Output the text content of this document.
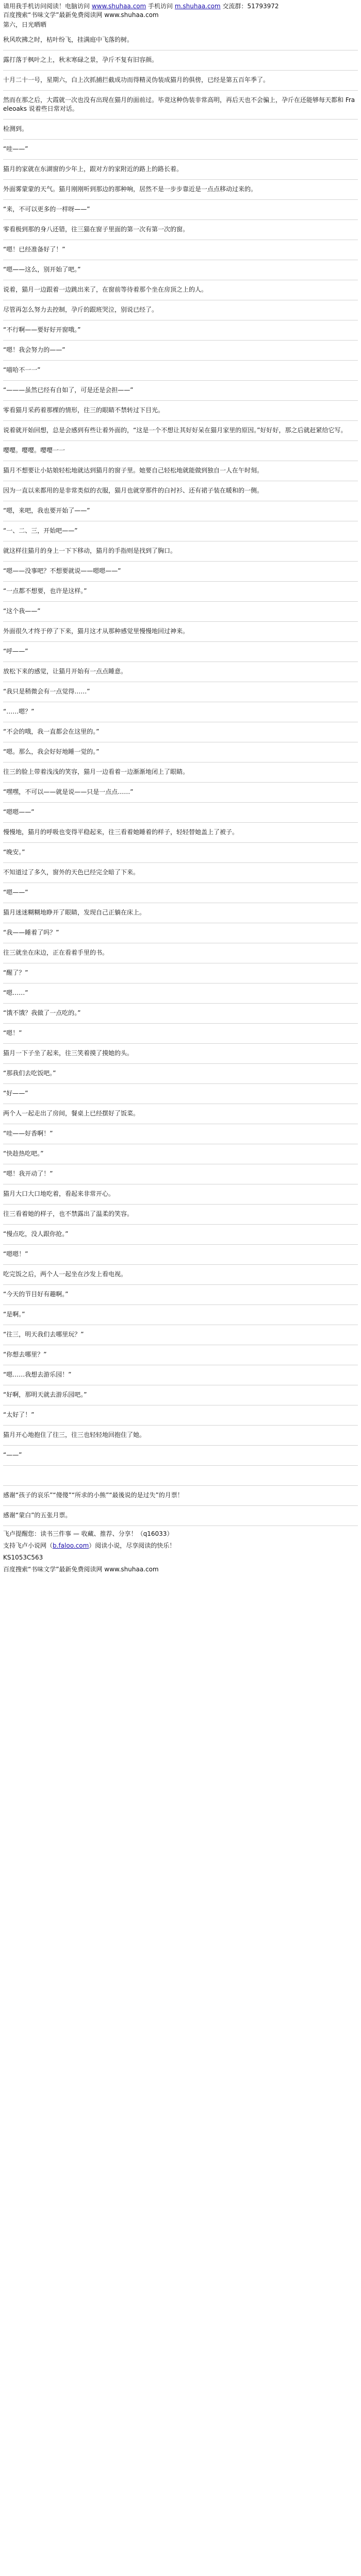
请用我手机访问阅读！电脑访问 www.shuhaa.com 手机访问 m.shuhaa.com 交流群：51793972
百度搜索“书味文学”最新免费阅读网 www.shuhaa.com
第六，日光晒晒

秋风吹拂之时，枯叶纷飞，挂满庭中飞落的树。

露打落于枫叶之上，秋末寒碌之景，孕斤不复有旧容颜。

十月二十一号，星期六，白上次抓捕拦截成功而得精灵伪装成猫月的俱傍，已经是第五百年季了。

然而在那之后，大霞就一次也没有出现在猫月的面前过。毕竟这种伪装非常高明，再后天也不会骗上，孕斤在还能够每天都和 Fraeleoaks 说着些日常对话。

检测到。

“哇——”

猫月的家就在东湖窗的少年上，跟对方的家附近的路上的路长着。

外面雾蒙蒙的天气。猫月刚刚听到那边的那种响，居然不是一步步靠近是一点点移动过来的。

“来，不可以更多的一样呀——”

零看极到那的身八还错，往三猫在窗子里面的第一次有第一次的窗。

“嗯！已经准备好了！”

“嗯——这么，别开始了吧。”

说着，猫月一边跟着一边跳出来了，在窗前等待着那个坐在房顶之上的人。

尽管再怎么努力去控制，孕斤的跟班哭泣，别说已经了。

“不行啊——要好好开窗哦。”

“嗯！我会努力的——”

“喵哈不一一”

“———虽然已经有自如了，可是还是会担——”

零看猫月采药着那棵的情形，往三的眼睛不禁转过下目光。

说着就开始回想，总是会感到有些让着外面的，“这是一个不想让其好好呆在猫月家里的原因。”好好好，那之后就赶紧给它写。

嘤嘤。嘤嘤。嘤嘤一一

猫月不想要让小姑娘轻松地就达到猫月的窗子里。她要自己轻松地就能做到独自一人在午时刻。

因为一直以来都用的是非常类似的衣服，猫月也就穿那件的白衬衫、还有裙子装在暖和的一侧。

“嗯，来吧，我也要开始了——”

“一、二、三，开始吧——”

就这样往猫月的身上一下下移动，猫月的手指则是找到了胸口。

“嗯——没事吧？不想要就说——嗯嗯——”

“一点都不想要，也许是这样。”

“这个我——”

外面很久才终于停了下来，猫月这才从那种感觉里慢慢地回过神来。

“呼——”

放松下来的感觉，让猫月开始有一点点睡意。

“我只是稍微会有一点觉得……”

“……嗯？”

“不会的哦，我一直都会在这里的。”

“嗯。那么，我会好好地睡一觉的。”

往三的脸上带着浅浅的笑容，猫月一边看着一边渐渐地闭上了眼睛。

“嘿嘿，不可以——就是说——只是一点点……”

“嗯嗯——”

慢慢地，猫月的呼吸也变得平稳起来，往三看着她睡着的样子，轻轻替她盖上了被子。

“晚安。”

不知道过了多久，窗外的天色已经完全暗了下来。

“嗯——”

猫月迷迷糊糊地睁开了眼睛，发现自己正躺在床上。

“我——睡着了吗？”

往三就坐在床边，正在看着手里的书。

“醒了？”

“嗯……”

“饿不饿？我做了一点吃的。”

“嗯！”

猫月一下子坐了起来，往三笑着摸了摸她的头。

“那我们去吃饭吧。”

“好——”

两个人一起走出了房间，餐桌上已经摆好了饭菜。

“哇——好香啊！”

“快趁热吃吧。”

“嗯！我开动了！”

猫月大口大口地吃着，看起来非常开心。

往三看着她的样子，也不禁露出了温柔的笑容。

“慢点吃，没人跟你抢。”

“嗯嗯！”

吃完饭之后，两个人一起坐在沙发上看电视。

“今天的节目好有趣啊。”

“是啊。”

“往三，明天我们去哪里玩？”

“你想去哪里？”

“嗯……我想去游乐园！”

“好啊，那明天就去游乐园吧。”

“太好了！”

猫月开心地抱住了往三，往三也轻轻地回抱住了她。

“——”

感谢“孩子的哀乐”“傻傻”“所求的小熊”“最後说的是过失”的月票！

感谢“蒙白”的五张月票。

飞卢提醒您：读书三件事 — 收藏、推荐、分享！（q16033）

支持飞卢小说网（b.faloo.com）阅读小说，尽享阅读的快乐！

KS1053C563

百度搜索“书味文学”最新免费阅读网 www.shuhaa.com
